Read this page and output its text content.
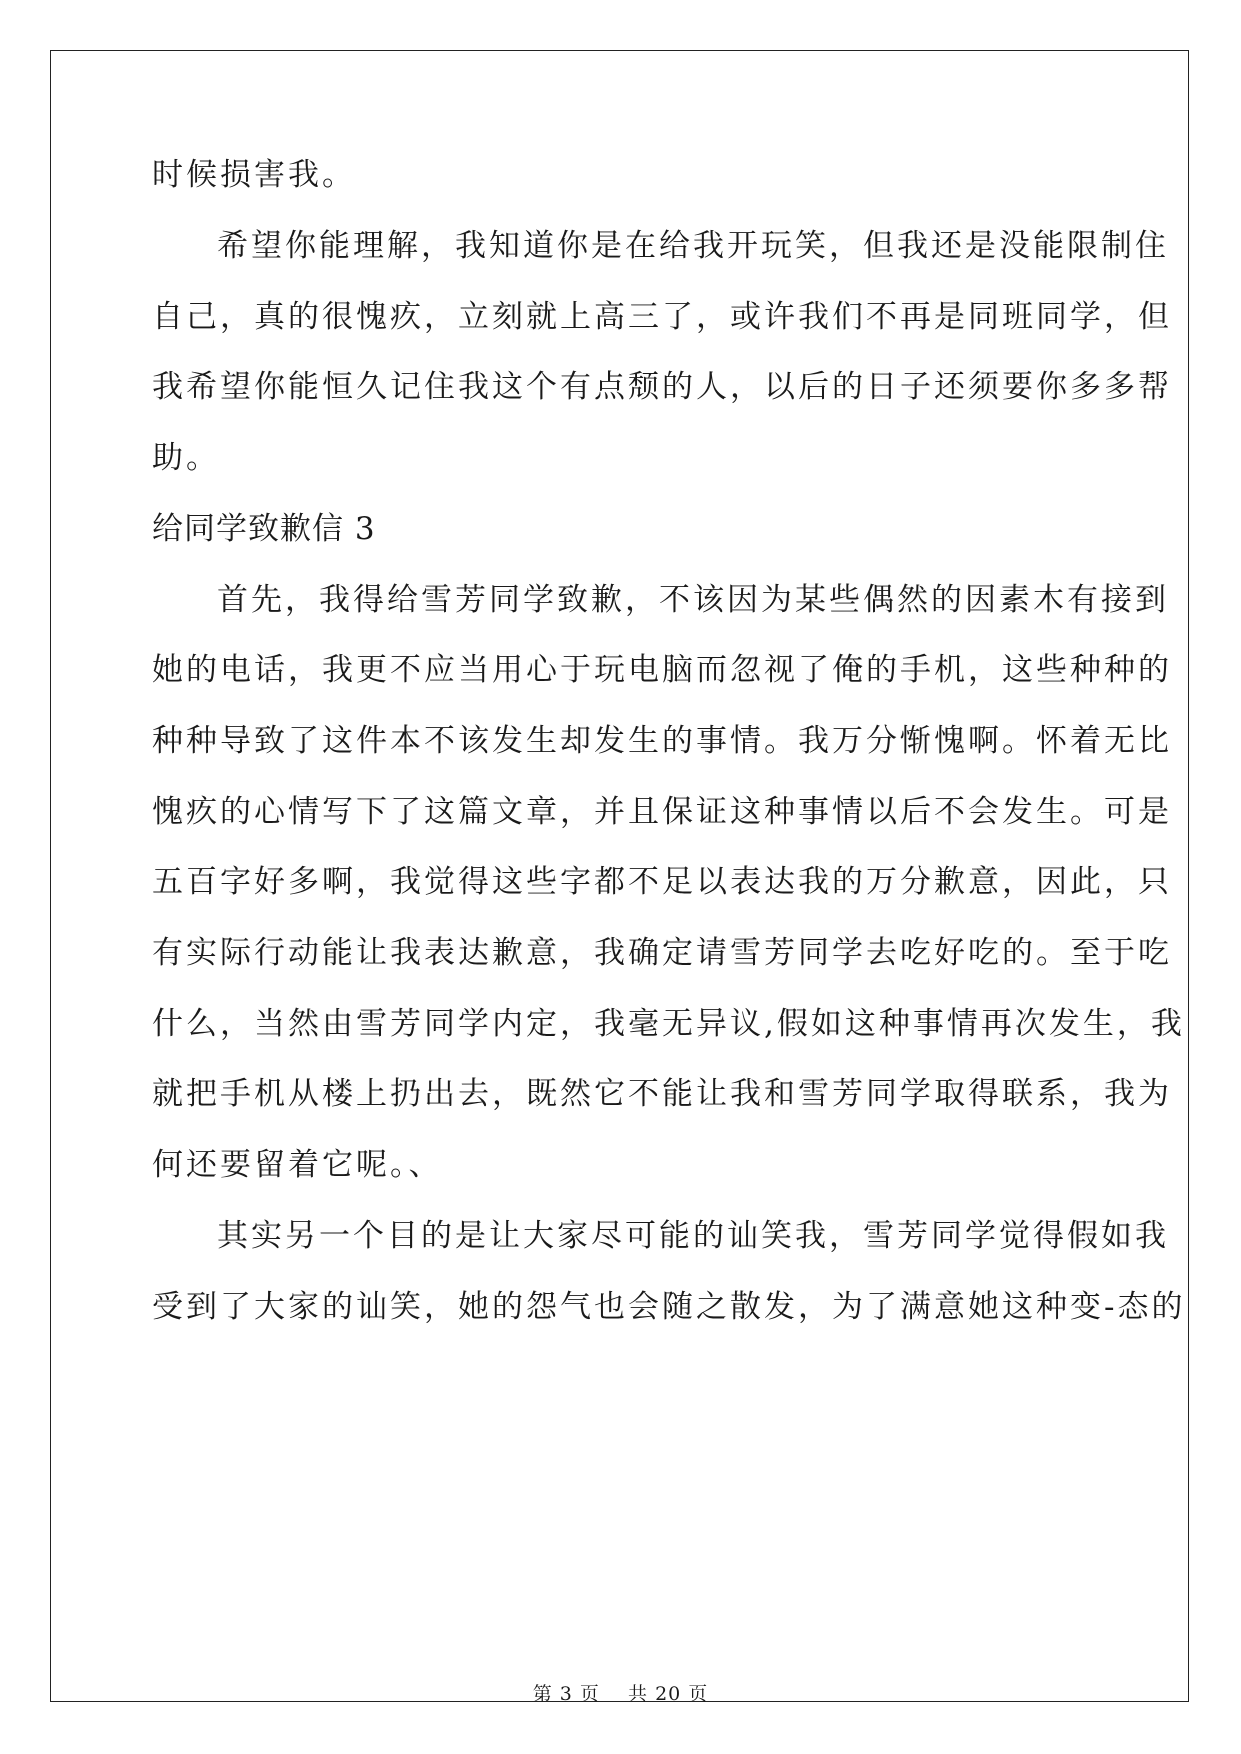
时候损害我。
希望你能理解，我知道你是在给我开玩笑，但我还是没能限制住
自己，真的很愧疚，立刻就上高三了，或许我们不再是同班同学，但
我希望你能恒久记住我这个有点颓的人，以后的日子还须要你多多帮
助。
给同学致歉信 3
首先，我得给雪芳同学致歉，不该因为某些偶然的因素木有接到
她的电话，我更不应当用心于玩电脑而忽视了俺的手机，这些种种的
种种导致了这件本不该发生却发生的事情。我万分惭愧啊。怀着无比
愧疚的心情写下了这篇文章，并且保证这种事情以后不会发生。可是
五百字好多啊，我觉得这些字都不足以表达我的万分歉意，因此，只
有实际行动能让我表达歉意，我确定请雪芳同学去吃好吃的。至于吃
什么，当然由雪芳同学内定，我毫无异议,假如这种事情再次发生，我
就把手机从楼上扔出去，既然它不能让我和雪芳同学取得联系，我为
何还要留着它呢。、
其实另一个目的是让大家尽可能的讪笑我，雪芳同学觉得假如我
受到了大家的讪笑，她的怨气也会随之散发，为了满意她这种变-态的
第 3 页    共 20 页
